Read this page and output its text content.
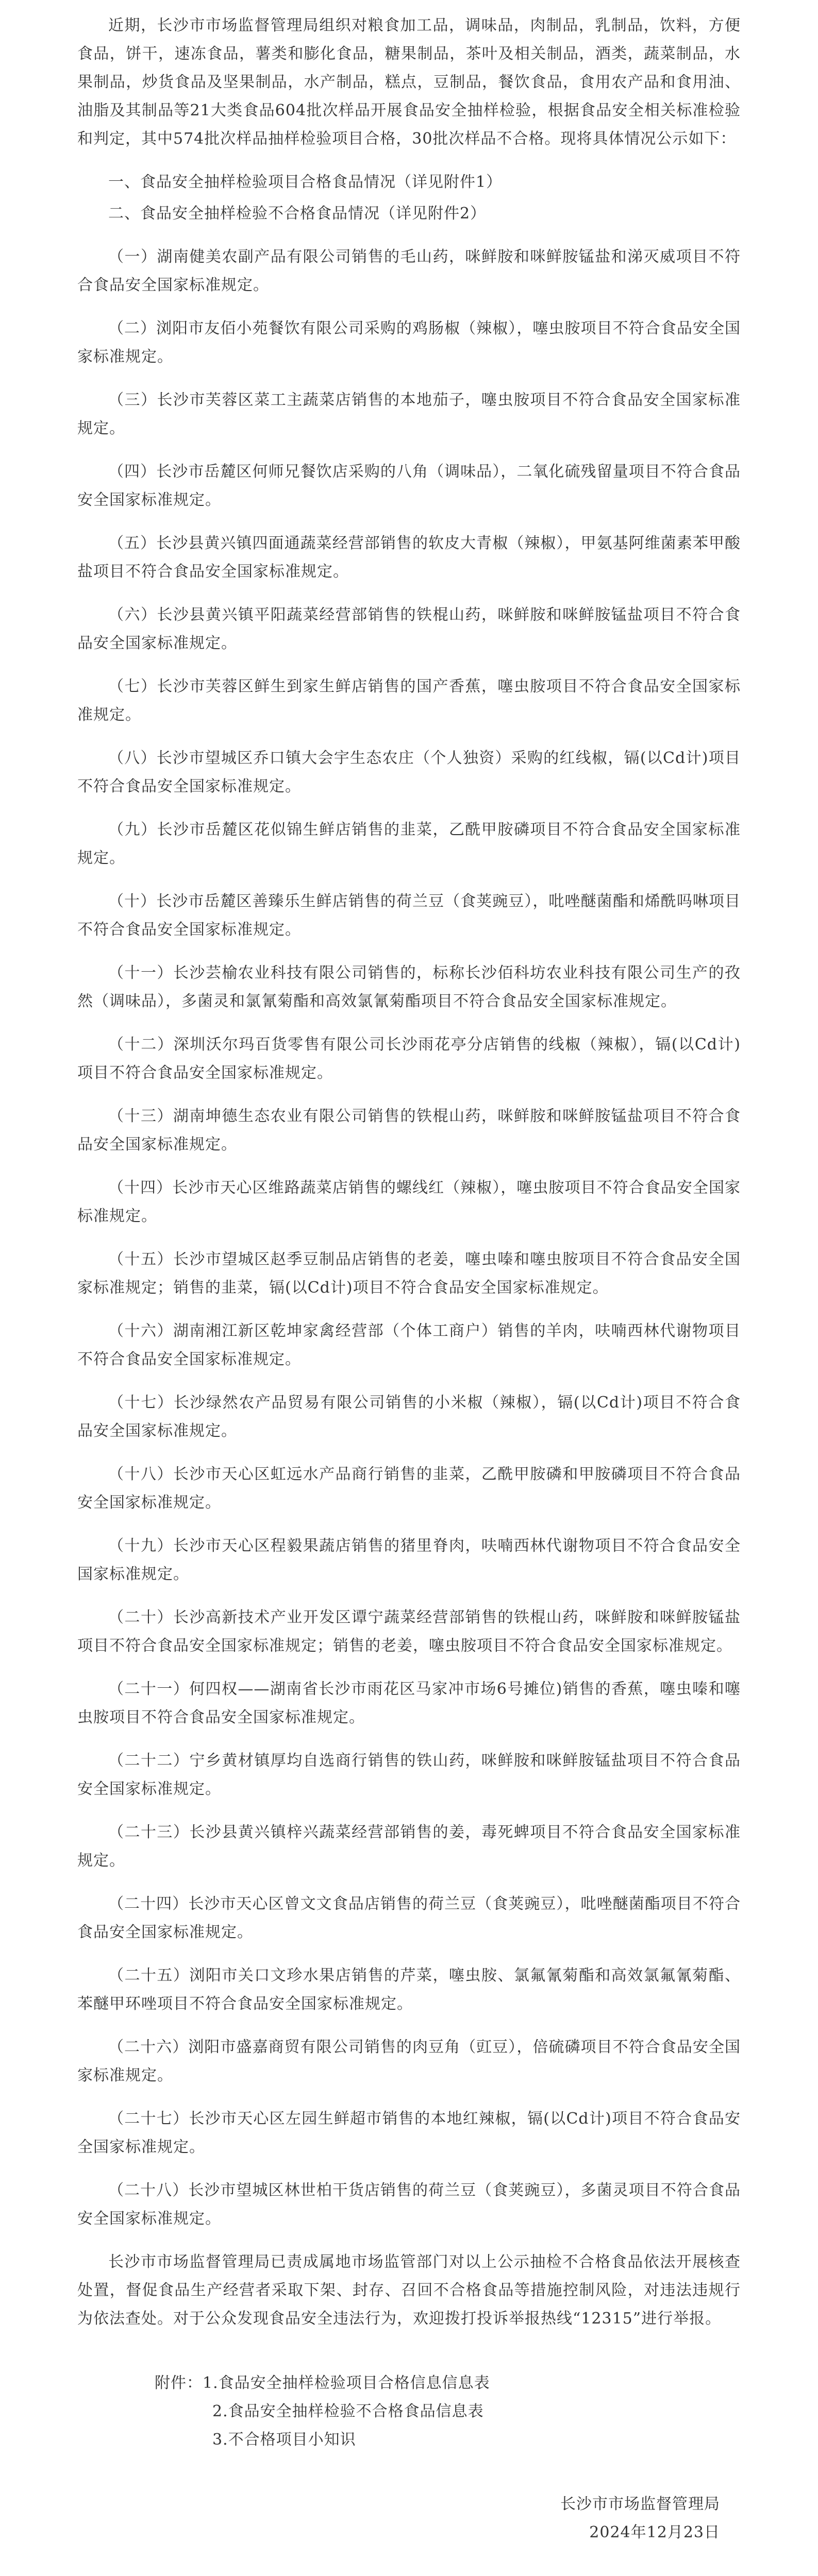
近期，长沙市市场监督管理局组织对粮食加工品，调味品，肉制品，乳制品，饮料，方便食品，饼干，速冻食品，薯类和膨化食品，糖果制品，茶叶及相关制品，酒类，蔬菜制品，水果制品，炒货食品及坚果制品，水产制品，糕点，豆制品，餐饮食品，食用农产品和食用油、油脂及其制品等21大类食品604批次样品开展食品安全抽样检验，根据食品安全相关标准检验和判定，其中574批次样品抽样检验项目合格，30批次样品不合格。现将具体情况公示如下：

一、食品安全抽样检验项目合格食品情况（详见附件1）

二、食品安全抽样检验不合格食品情况（详见附件2）

（一）湖南健美农副产品有限公司销售的毛山药，咪鲜胺和咪鲜胺锰盐和涕灭威项目不符合食品安全国家标准规定。

（二）浏阳市友佰小苑餐饮有限公司采购的鸡肠椒（辣椒），噻虫胺项目不符合食品安全国家标准规定。

（三）长沙市芙蓉区菜工主蔬菜店销售的本地茄子，噻虫胺项目不符合食品安全国家标准规定。

（四）长沙市岳麓区何师兄餐饮店采购的八角（调味品），二氧化硫残留量项目不符合食品安全国家标准规定。

（五）长沙县黄兴镇四面通蔬菜经营部销售的软皮大青椒（辣椒），甲氨基阿维菌素苯甲酸盐项目不符合食品安全国家标准规定。

（六）长沙县黄兴镇平阳蔬菜经营部销售的铁棍山药，咪鲜胺和咪鲜胺锰盐项目不符合食品安全国家标准规定。

（七）长沙市芙蓉区鲜生到家生鲜店销售的国产香蕉，噻虫胺项目不符合食品安全国家标准规定。

（八）长沙市望城区乔口镇大会宇生态农庄（个人独资）采购的红线椒，镉(以Cd计)项目不符合食品安全国家标准规定。

（九）长沙市岳麓区花似锦生鲜店销售的韭菜，乙酰甲胺磷项目不符合食品安全国家标准规定。

（十）长沙市岳麓区善臻乐生鲜店销售的荷兰豆（食荚豌豆），吡唑醚菌酯和烯酰吗啉项目不符合食品安全国家标准规定。

（十一）长沙芸榆农业科技有限公司销售的，标称长沙佰科坊农业科技有限公司生产的孜然（调味品），多菌灵和氯氰菊酯和高效氯氰菊酯项目不符合食品安全国家标准规定。

（十二）深圳沃尔玛百货零售有限公司长沙雨花亭分店销售的线椒（辣椒），镉(以Cd计)项目不符合食品安全国家标准规定。

（十三）湖南坤德生态农业有限公司销售的铁棍山药，咪鲜胺和咪鲜胺锰盐项目不符合食品安全国家标准规定。

（十四）长沙市天心区维路蔬菜店销售的螺线红（辣椒），噻虫胺项目不符合食品安全国家标准规定。

（十五）长沙市望城区赵季豆制品店销售的老姜，噻虫嗪和噻虫胺项目不符合食品安全国家标准规定；销售的韭菜，镉(以Cd计)项目不符合食品安全国家标准规定。

（十六）湖南湘江新区乾坤家禽经营部（个体工商户）销售的羊肉，呋喃西林代谢物项目不符合食品安全国家标准规定。

（十七）长沙绿然农产品贸易有限公司销售的小米椒（辣椒），镉(以Cd计)项目不符合食品安全国家标准规定。

（十八）长沙市天心区虹远水产品商行销售的韭菜，乙酰甲胺磷和甲胺磷项目不符合食品安全国家标准规定。

（十九）长沙市天心区程毅果蔬店销售的猪里脊肉，呋喃西林代谢物项目不符合食品安全国家标准规定。

（二十）长沙高新技术产业开发区谭宁蔬菜经营部销售的铁棍山药，咪鲜胺和咪鲜胺锰盐项目不符合食品安全国家标准规定；销售的老姜，噻虫胺项目不符合食品安全国家标准规定。

（二十一）何四权——湖南省长沙市雨花区马家冲市场6号摊位)销售的香蕉，噻虫嗪和噻虫胺项目不符合食品安全国家标准规定。

（二十二）宁乡黄材镇厚均自选商行销售的铁山药，咪鲜胺和咪鲜胺锰盐项目不符合食品安全国家标准规定。

（二十三）长沙县黄兴镇梓兴蔬菜经营部销售的姜，毒死蜱项目不符合食品安全国家标准规定。

（二十四）长沙市天心区曾文文食品店销售的荷兰豆（食荚豌豆），吡唑醚菌酯项目不符合食品安全国家标准规定。

（二十五）浏阳市关口文珍水果店销售的芹菜，噻虫胺、氯氟氰菊酯和高效氯氟氰菊酯、苯醚甲环唑项目不符合食品安全国家标准规定。

（二十六）浏阳市盛嘉商贸有限公司销售的肉豆角（豇豆），倍硫磷项目不符合食品安全国家标准规定。

（二十七）长沙市天心区左园生鲜超市销售的本地红辣椒，镉(以Cd计)项目不符合食品安全国家标准规定。

（二十八）长沙市望城区林世柏干货店销售的荷兰豆（食荚豌豆），多菌灵项目不符合食品安全国家标准规定。

长沙市市场监督管理局已责成属地市场监管部门对以上公示抽检不合格食品依法开展核查处置，督促食品生产经营者采取下架、封存、召回不合格食品等措施控制风险，对违法违规行为依法查处。对于公众发现食品安全违法行为，欢迎拨打投诉举报热线“12315”进行举报。

附件：1.食品安全抽样检验项目合格信息信息表

2.食品安全抽样检验不合格食品信息表

3.不合格项目小知识

长沙市市场监督管理局
2024年12月23日
